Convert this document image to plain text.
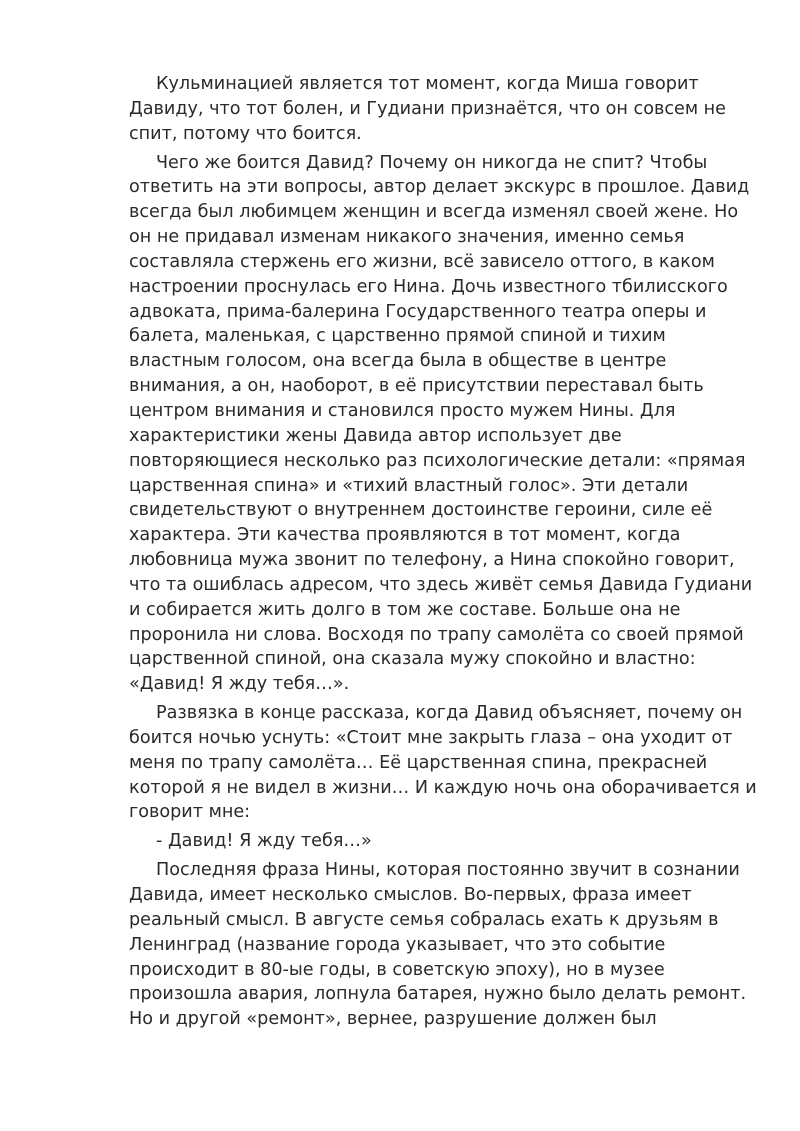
Кульминацией является тот момент, когда Миша говорит
Давиду, что тот болен, и Гудиани признаётся, что он совсем не
спит, потому что боится.

Чего же боится Давид? Почему он никогда не спит? Чтобы
ответить на эти вопросы, автор делает экскурс в прошлое. Давид
всегда был любимцем женщин и всегда изменял своей жене. Но
он не придавал изменам никакого значения, именно семья
составляла стержень его жизни, всё зависело оттого, в каком
настроении проснулась его Нина. Дочь известного тбилисского
адвоката, прима-балерина Государственного театра оперы и
балета, маленькая, с царственно прямой спиной и тихим
властным голосом, она всегда была в обществе в центре
внимания, а он, наоборот, в её присутствии переставал быть
центром внимания и становился просто мужем Нины. Для
характеристики жены Давида автор использует две
повторяющиеся несколько раз психологические детали: «прямая
царственная спина» и «тихий властный голос». Эти детали
свидетельствуют о внутреннем достоинстве героини, силе её
характера. Эти качества проявляются в тот момент, когда
любовница мужа звонит по телефону, а Нина спокойно говорит,
что та ошиблась адресом, что здесь живёт семья Давида Гудиани
и собирается жить долго в том же составе. Больше она не
проронила ни слова. Восходя по трапу самолёта со своей прямой
царственной спиной, она сказала мужу спокойно и властно:
«Давид! Я жду тебя…».

Развязка в конце рассказа, когда Давид объясняет, почему он
боится ночью уснуть: «Стоит мне закрыть глаза – она уходит от
меня по трапу самолёта… Её царственная спина, прекрасней
которой я не видел в жизни… И каждую ночь она оборачивается и
говорит мне:

- Давид! Я жду тебя…»

Последняя фраза Нины, которая постоянно звучит в сознании
Давида, имеет несколько смыслов. Во-первых, фраза имеет
реальный смысл. В августе семья собралась ехать к друзьям в
Ленинград (название города указывает, что это событие
происходит в 80-ые годы, в советскую эпоху), но в музее
произошла авария, лопнула батарея, нужно было делать ремонт.
Но и другой «ремонт», вернее, разрушение должен был
